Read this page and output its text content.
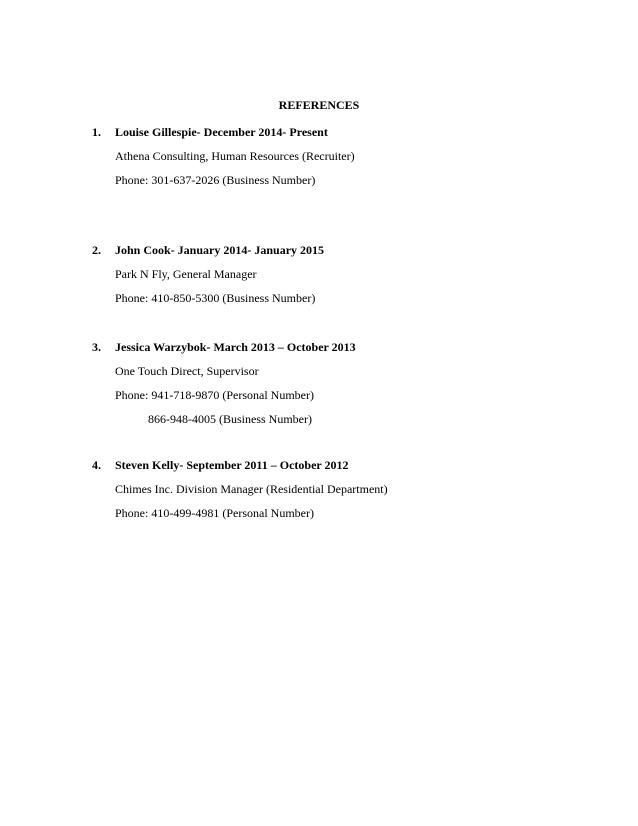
REFERENCES
1. Louise Gillespie- December 2014- Present
Athena Consulting, Human Resources (Recruiter)
Phone: 301-637-2026 (Business Number)
2. John Cook- January 2014- January 2015
Park N Fly, General Manager
Phone: 410-850-5300 (Business Number)
3. Jessica Warzybok- March 2013 – October 2013
One Touch Direct, Supervisor
Phone: 941-718-9870 (Personal Number)
866-948-4005 (Business Number)
4. Steven Kelly- September 2011 – October 2012
Chimes Inc. Division Manager (Residential Department)
Phone: 410-499-4981 (Personal Number)
